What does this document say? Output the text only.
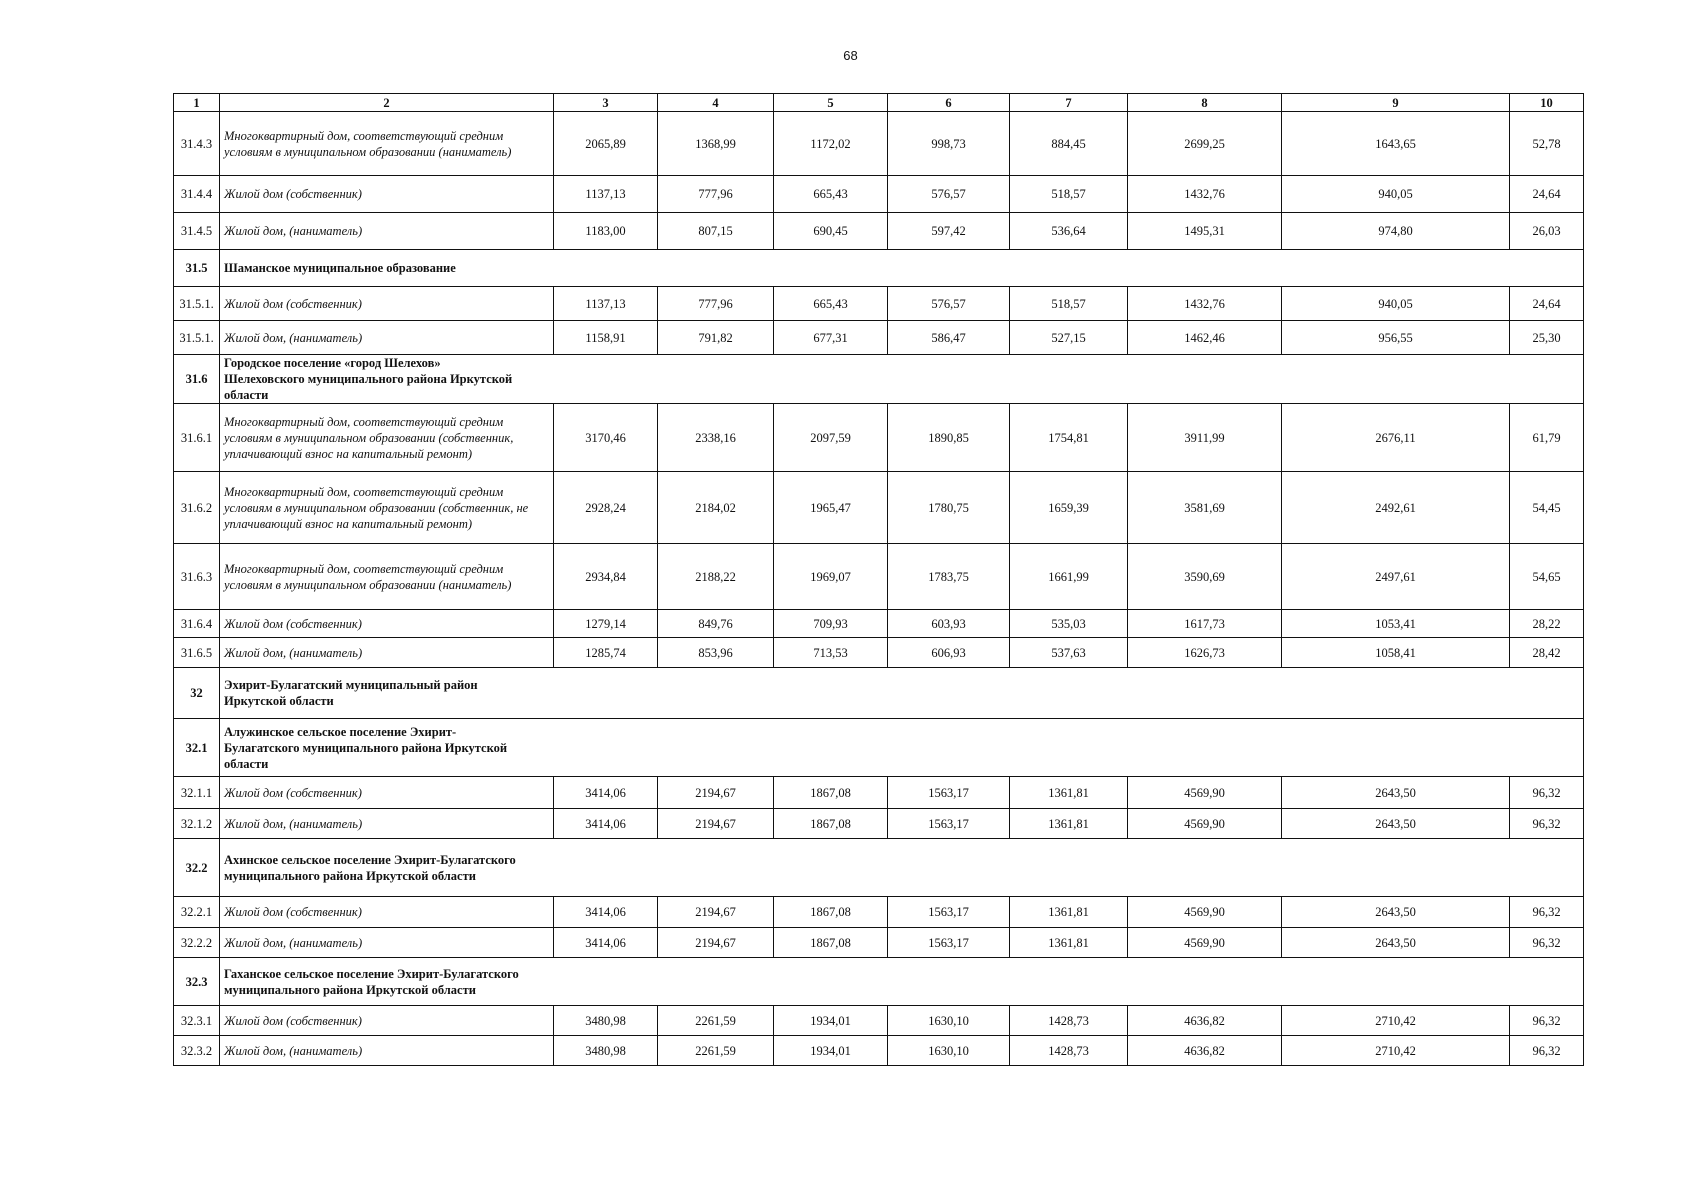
68
1	2	3	4	5	6	7	8	9	10
31.4.3	Многоквартирный дом, соответствующий средним условиям в муниципальном образовании (наниматель)	2065,89	1368,99	1172,02	998,73	884,45	2699,25	1643,65	52,78
31.4.4	Жилой дом (собственник)	1137,13	777,96	665,43	576,57	518,57	1432,76	940,05	24,64
31.4.5	Жилой дом, (наниматель)	1183,00	807,15	690,45	597,42	536,64	1495,31	974,80	26,03
31.5	Шаманское муниципальное образование								
31.5.1.	Жилой дом (собственник)	1137,13	777,96	665,43	576,57	518,57	1432,76	940,05	24,64
31.5.1.	Жилой дом, (наниматель)	1158,91	791,82	677,31	586,47	527,15	1462,46	956,55	25,30
31.6	Городское поселение «город Шелехов» Шелеховского муниципального района Иркутской области								
31.6.1	Многоквартирный дом, соответствующий средним условиям в муниципальном образовании (собственник, уплачивающий взнос на капитальный ремонт)	3170,46	2338,16	2097,59	1890,85	1754,81	3911,99	2676,11	61,79
31.6.2	Многоквартирный дом, соответствующий средним условиям в муниципальном образовании (собственник, не уплачивающий взнос на капитальный ремонт)	2928,24	2184,02	1965,47	1780,75	1659,39	3581,69	2492,61	54,45
31.6.3	Многоквартирный дом, соответствующий средним условиям в муниципальном образовании (наниматель)	2934,84	2188,22	1969,07	1783,75	1661,99	3590,69	2497,61	54,65
31.6.4	Жилой дом (собственник)	1279,14	849,76	709,93	603,93	535,03	1617,73	1053,41	28,22
31.6.5	Жилой дом, (наниматель)	1285,74	853,96	713,53	606,93	537,63	1626,73	1058,41	28,42
32	Эхирит-Булагатский муниципальный район Иркутской области								
32.1	Алужинское сельское поселение Эхирит-Булагатского муниципального района Иркутской области								
32.1.1	Жилой дом (собственник)	3414,06	2194,67	1867,08	1563,17	1361,81	4569,90	2643,50	96,32
32.1.2	Жилой дом, (наниматель)	3414,06	2194,67	1867,08	1563,17	1361,81	4569,90	2643,50	96,32
32.2	Ахинское сельское поселение Эхирит-Булагатского муниципального района Иркутской области								
32.2.1	Жилой дом (собственник)	3414,06	2194,67	1867,08	1563,17	1361,81	4569,90	2643,50	96,32
32.2.2	Жилой дом, (наниматель)	3414,06	2194,67	1867,08	1563,17	1361,81	4569,90	2643,50	96,32
32.3	Гаханское сельское поселение Эхирит-Булагатского муниципального района Иркутской области								
32.3.1	Жилой дом (собственник)	3480,98	2261,59	1934,01	1630,10	1428,73	4636,82	2710,42	96,32
32.3.2	Жилой дом, (наниматель)	3480,98	2261,59	1934,01	1630,10	1428,73	4636,82	2710,42	96,32
